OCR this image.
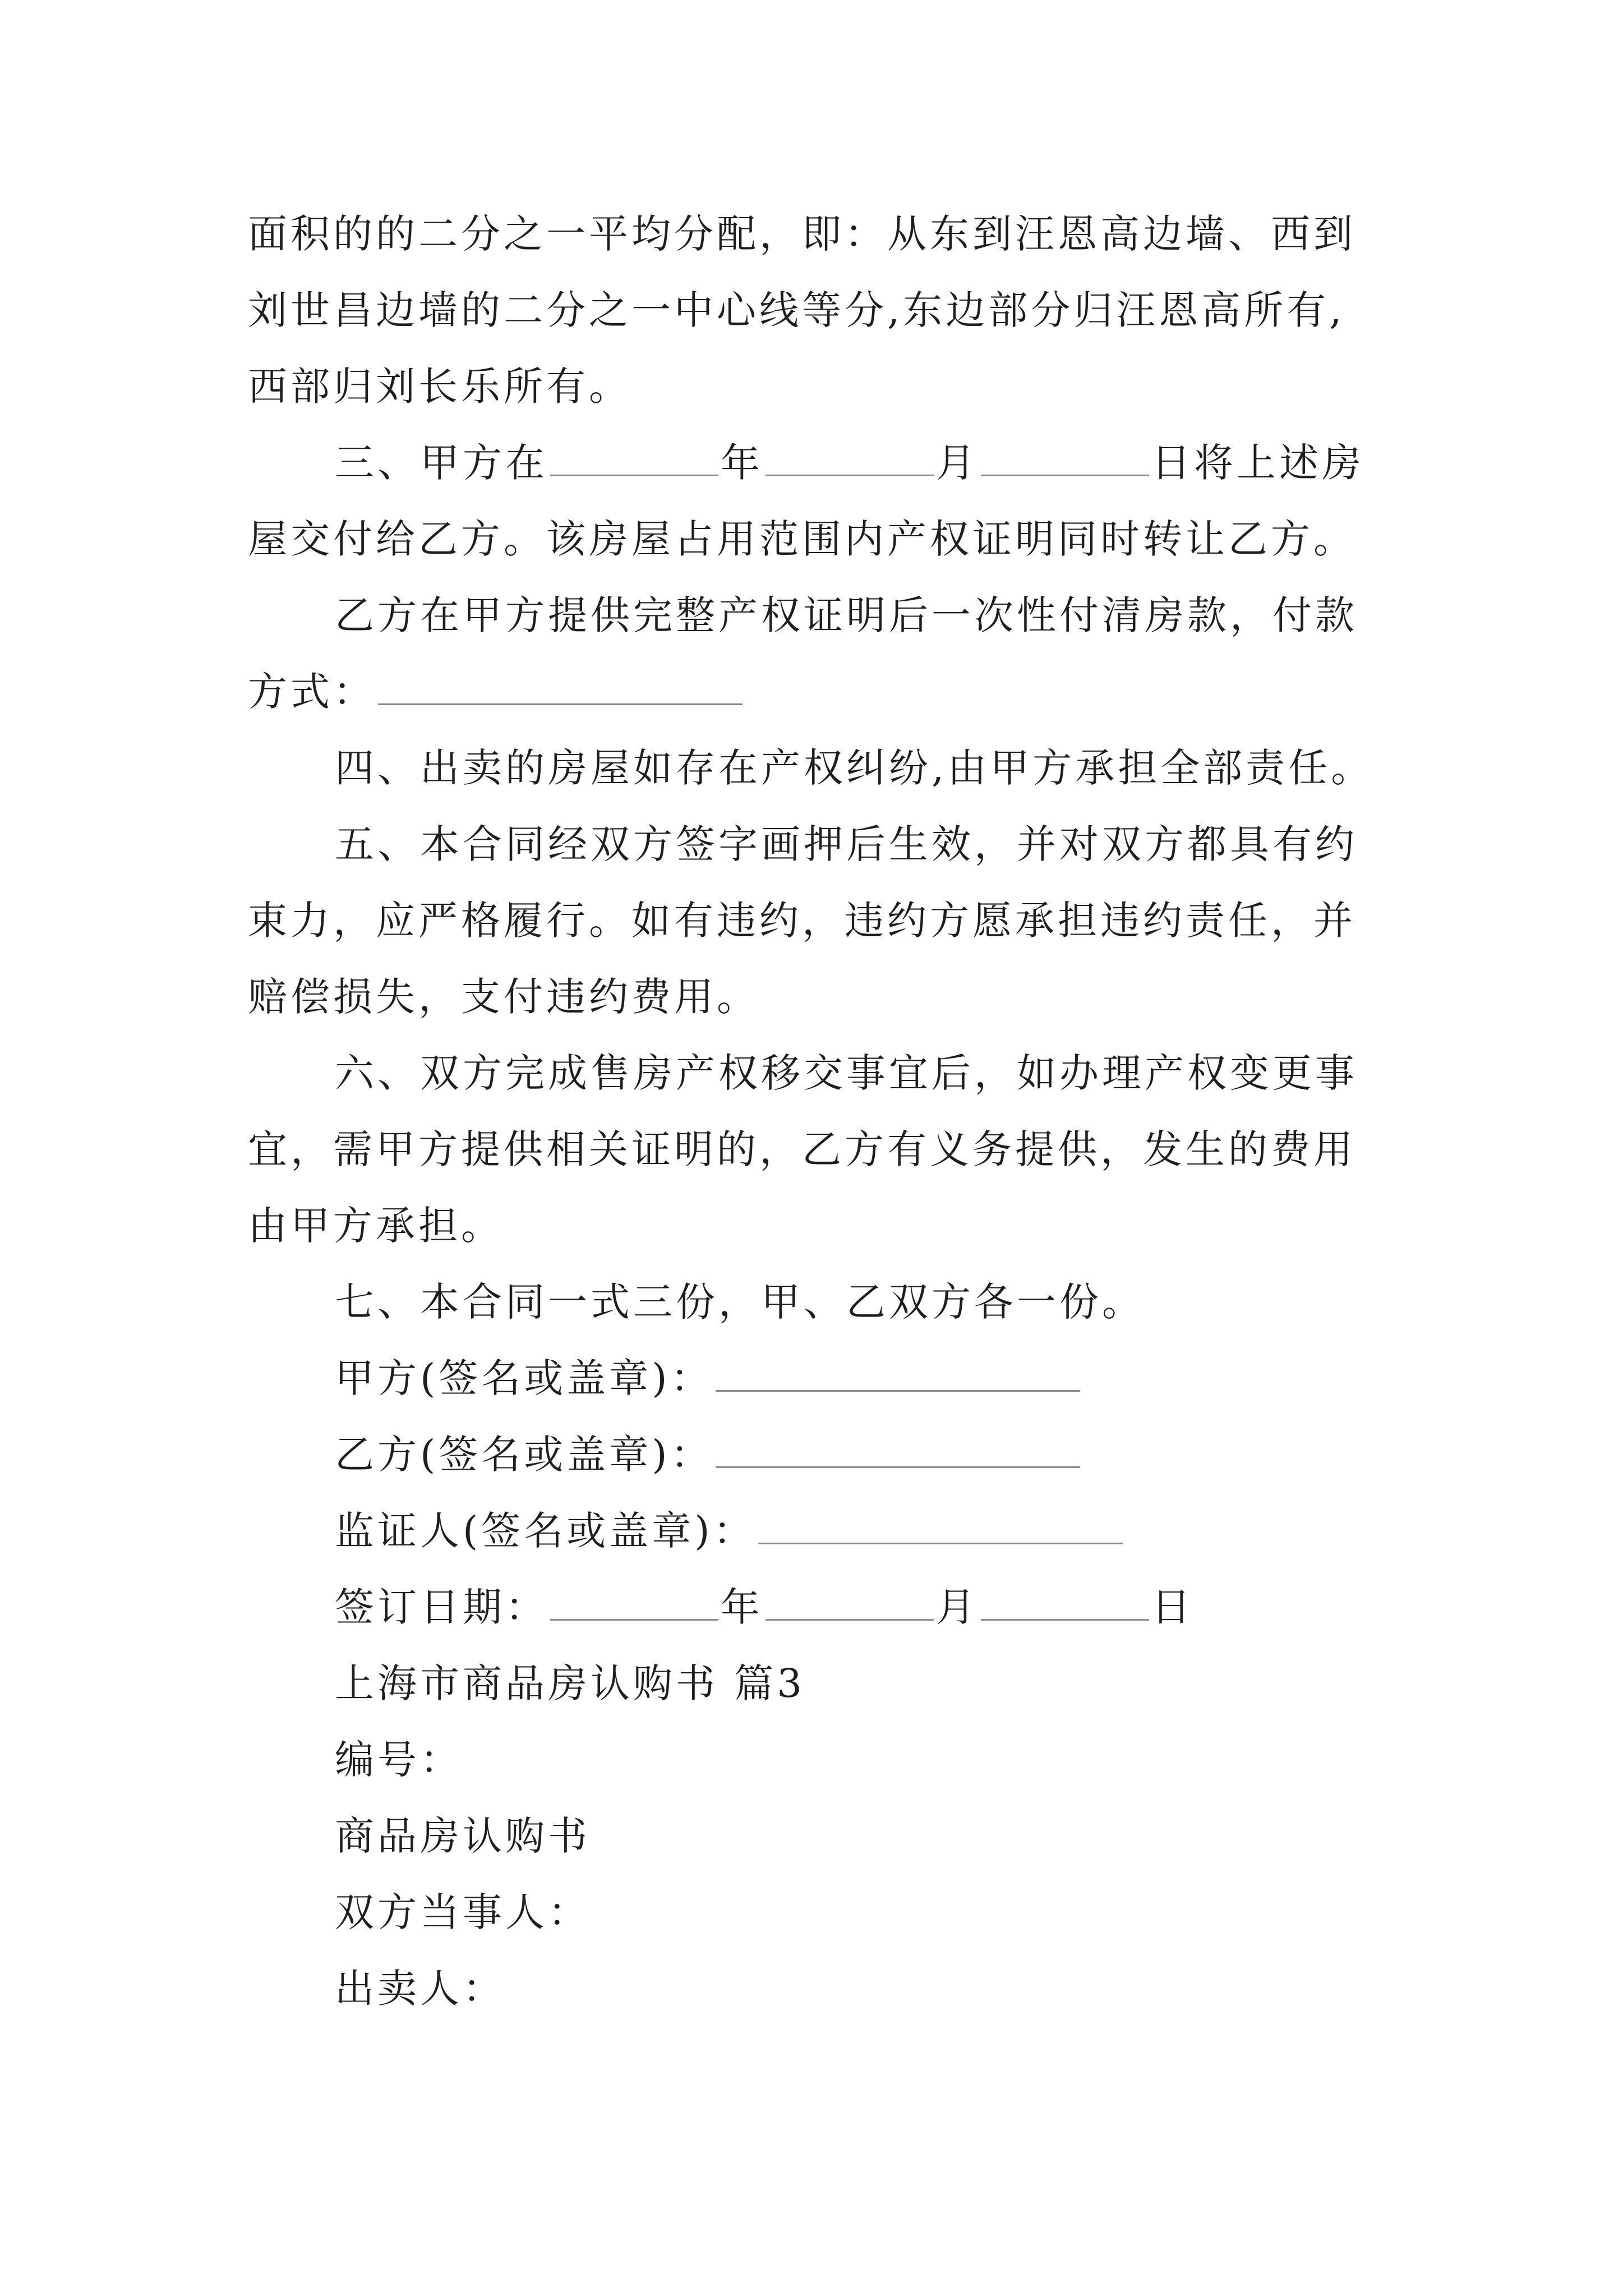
面积的的二分之一平均分配，即：从东到汪恩高边墙、西到
刘世昌边墙的二分之一中心线等分,东边部分归汪恩高所有,
西部归刘长乐所有。
三、甲方在	年	月	日将上述房
屋交付给乙方。该房屋占用范围内产权证明同时转让乙方。
乙方在甲方提供完整产权证明后一次性付清房款，付款
方式：
四、出卖的房屋如存在产权纠纷,由甲方承担全部责任。
五、本合同经双方签字画押后生效，并对双方都具有约
束力，应严格履行。如有违约，违约方愿承担违约责任，并
赔偿损失，支付违约费用。
六、双方完成售房产权移交事宜后，如办理产权变更事
宜，需甲方提供相关证明的，乙方有义务提供，发生的费用
由甲方承担。
七、本合同一式三份，甲、乙双方各一份。
甲方(签名或盖章)：
乙方(签名或盖章)：
监证人(签名或盖章)：
签订日期：	年	月	日
上海市商品房认购书 篇3
编号：
商品房认购书
双方当事人：
出卖人：
